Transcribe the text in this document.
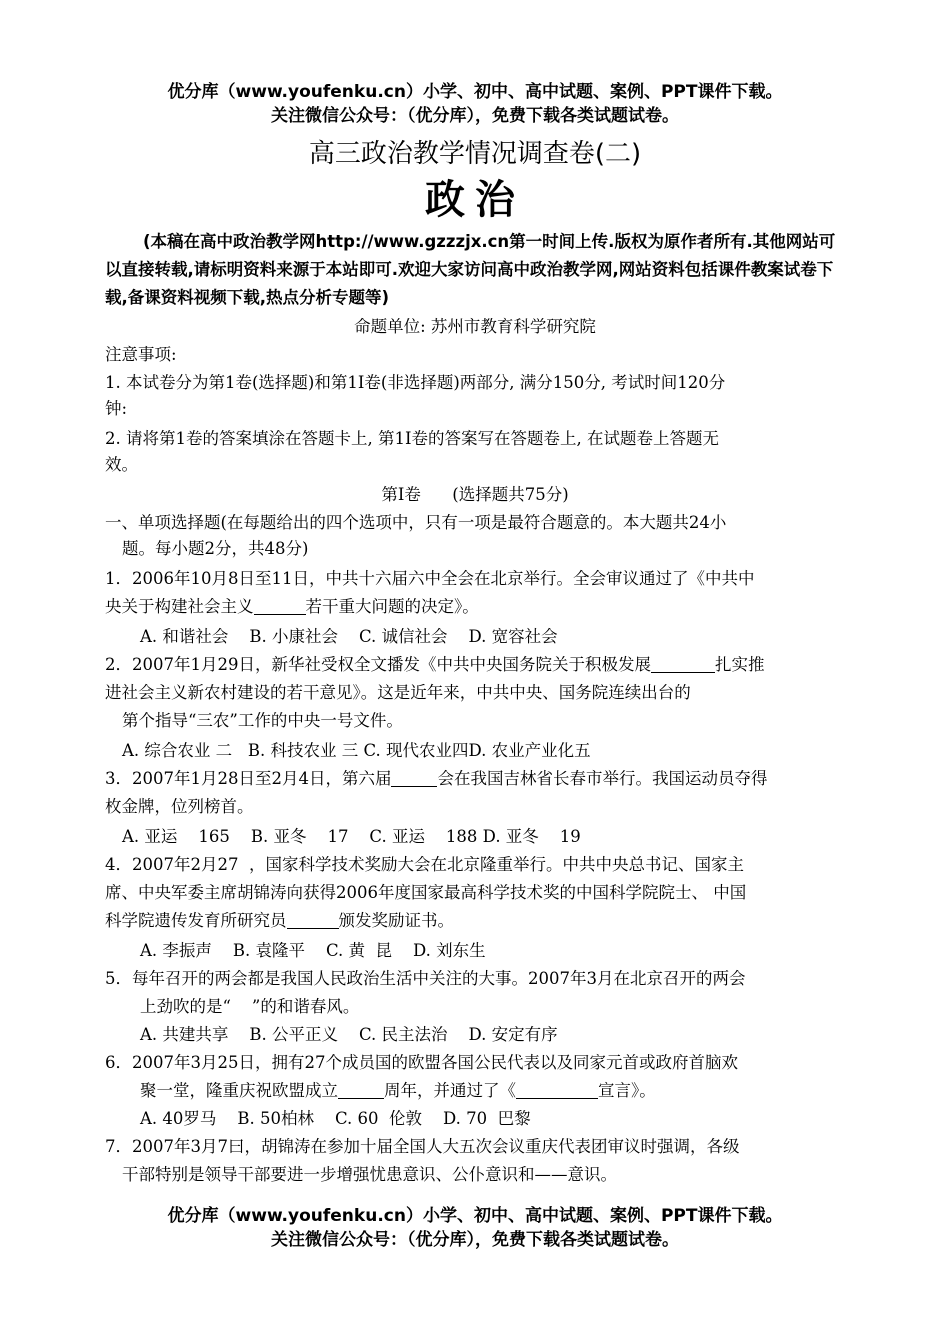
优分库（www.youfenku.cn）小学、初中、高中试题、案例、PPT课件下载。
关注微信公众号：（优分库），免费下载各类试题试卷。
高三政治教学情况调查卷(二)
政治
(本稿在高中政治教学网http://www.gzzzjx.cn第一时间上传.版权为原作者所有.其他网站可以直接转载,请标明资料来源于本站即可.欢迎大家访问高中政治教学网,网站资料包括课件教案试卷下载,备课资料视频下载,热点分析专题等)
命题单位: 苏州市教育科学研究院
注意事项:
1. 本试卷分为第1卷(选择题)和第1I卷(非选择题)两部分, 满分150分, 考试时间120分
钟:
2. 请将第1卷的答案填涂在答题卡上, 第1I卷的答案写在答题卷上, 在试题卷上答题无
效。
第Ⅰ卷      (选择题共75分)
一、单项选择题(在每题给出的四个选项中，只有一项是最符合题意的。本大题共24小
题。每小题2分，共48分)
1．2006年10月8日至11日，中共十六届六中全会在北京举行。全会审议通过了《中共中
央关于构建社会主义	若干重大问题的决定》。
A. 和谐社会    B. 小康社会    C. 诚信社会    D. 宽容社会
2．2007年1月29日，新华社受权全文播发《中共中央国务院关于积极发展	扎实推
进社会主义新农村建设的若干意见》。这是近年来，中共中央、国务院连续出台的
第个指导“三农”工作的中央一号文件。
A. 综合农业 二   B. 科技农业 三 C. 现代农业四D. 农业产业化五
3．2007年1月28日至2月4日，第六届	会在我国吉林省长春市举行。我国运动员夺得
枚金牌，位列榜首。
A. 亚运    165    B. 亚冬    17    C. 亚运    188 D. 亚冬    19
4．2007年2月27  ，国家科学技术奖励大会在北京隆重举行。中共中央总书记、国家主
席、中央军委主席胡锦涛向获得2006年度国家最高科学技术奖的中国科学院院士、 中国
科学院遗传发育所研究员	颁发奖励证书。
A. 李振声    B. 袁隆平    C. 黄  昆    D. 刘东生
5．每年召开的两会都是我国人民政治生活中关注的大事。2007年3月在北京召开的两会
上劲吹的是“    ”的和谐春风。
A. 共建共享    B. 公平正义    C. 民主法治    D. 安定有序
6．2007年3月25日，拥有27个成员国的欧盟各国公民代表以及同家元首或政府首脑欢
聚一堂，隆重庆祝欧盟成立	周年，并通过了《	宣言》。
A. 40罗马    B. 50柏林    C. 60  伦敦    D. 70  巴黎
7．2007年3月7曰，胡锦涛在参加十届全国人大五次会议重庆代表团审议时强调，各级
干部特别是领导干部要进一步增强忧患意识、公仆意识和——意识。
优分库（www.youfenku.cn）小学、初中、高中试题、案例、PPT课件下载。
关注微信公众号：（优分库），免费下载各类试题试卷。
